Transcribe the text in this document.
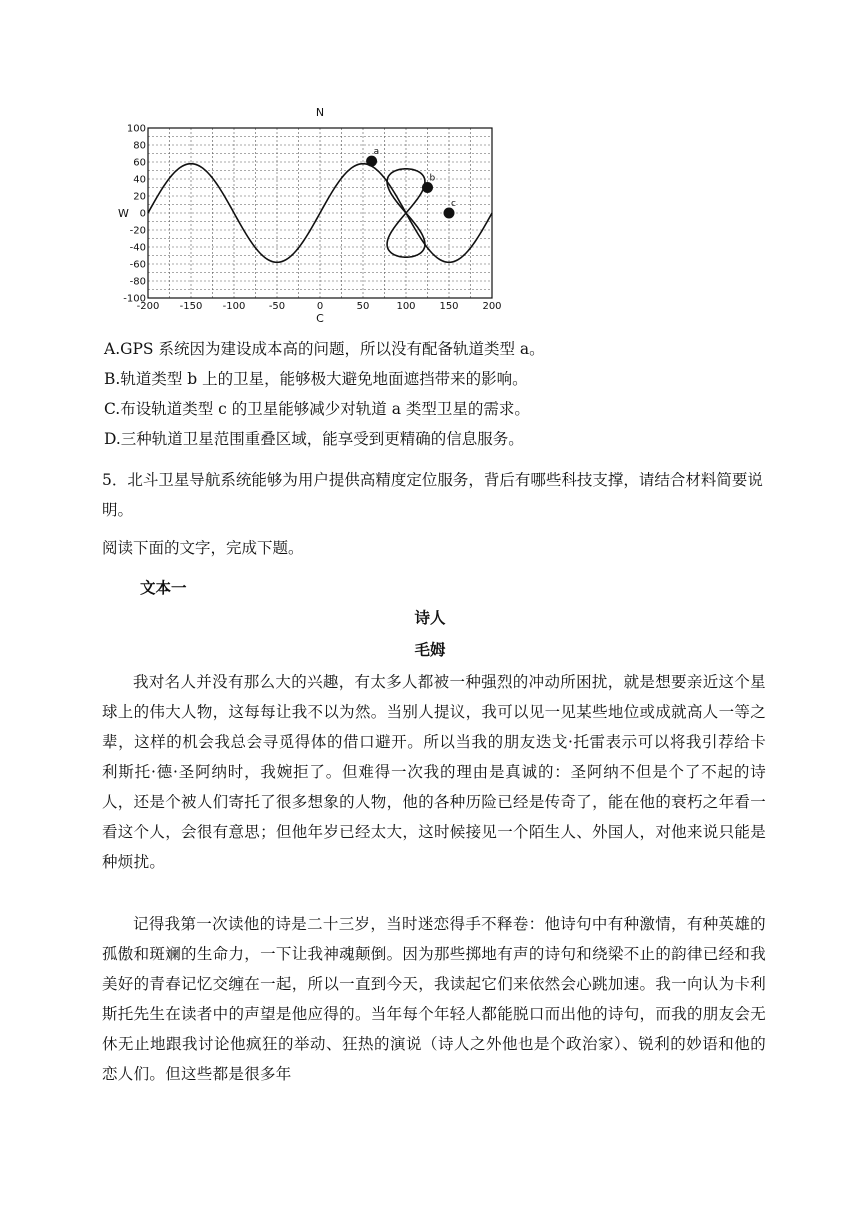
-200 -150 -100 -50	0	50	100 150 200
100
80
60
40
20
0
-20
-40
-60
-80
-100
N
W
C
a
b
c
A.GPS 系统因为建设成本高的问题，所以没有配备轨道类型 a。
B.轨道类型 b 上的卫星，能够极大避免地面遮挡带来的影响。
C.布设轨道类型 c 的卫星能够减少对轨道 a 类型卫星的需求。
D.三种轨道卫星范围重叠区域，能享受到更精确的信息服务。
5．北斗卫星导航系统能够为用户提供高精度定位服务，背后有哪些科技支撑，请结合材料简要说明。
阅读下面的文字，完成下题。
文本一
诗人
毛姆
我对名人并没有那么大的兴趣，有太多人都被一种强烈的冲动所困扰，就是想要亲近这个星球上的伟大人物，这每每让我不以为然。当别人提议，我可以见一见某些地位或成就高人一等之辈，这样的机会我总会寻觅得体的借口避开。所以当我的朋友迭戈·托雷表示可以将我引荐给卡利斯托·德·圣阿纳时，我婉拒了。但难得一次我的理由是真诚的：圣阿纳不但是个了不起的诗人，还是个被人们寄托了很多想象的人物，他的各种历险已经是传奇了，能在他的衰朽之年看一看这个人，会很有意思；但他年岁已经太大，这时候接见一个陌生人、外国人，对他来说只能是种烦扰。
记得我第一次读他的诗是二十三岁，当时迷恋得手不释卷：他诗句中有种激情，有种英雄的孤傲和斑斓的生命力，一下让我神魂颠倒。因为那些掷地有声的诗句和绕梁不止的韵律已经和我美好的青春记忆交缠在一起，所以一直到今天，我读起它们来依然会心跳加速。我一向认为卡利斯托先生在读者中的声望是他应得的。当年每个年轻人都能脱口而出他的诗句，而我的朋友会无休无止地跟我讨论他疯狂的举动、狂热的演说（诗人之外他也是个政治家）、锐利的妙语和他的恋人们。但这些都是很多年
